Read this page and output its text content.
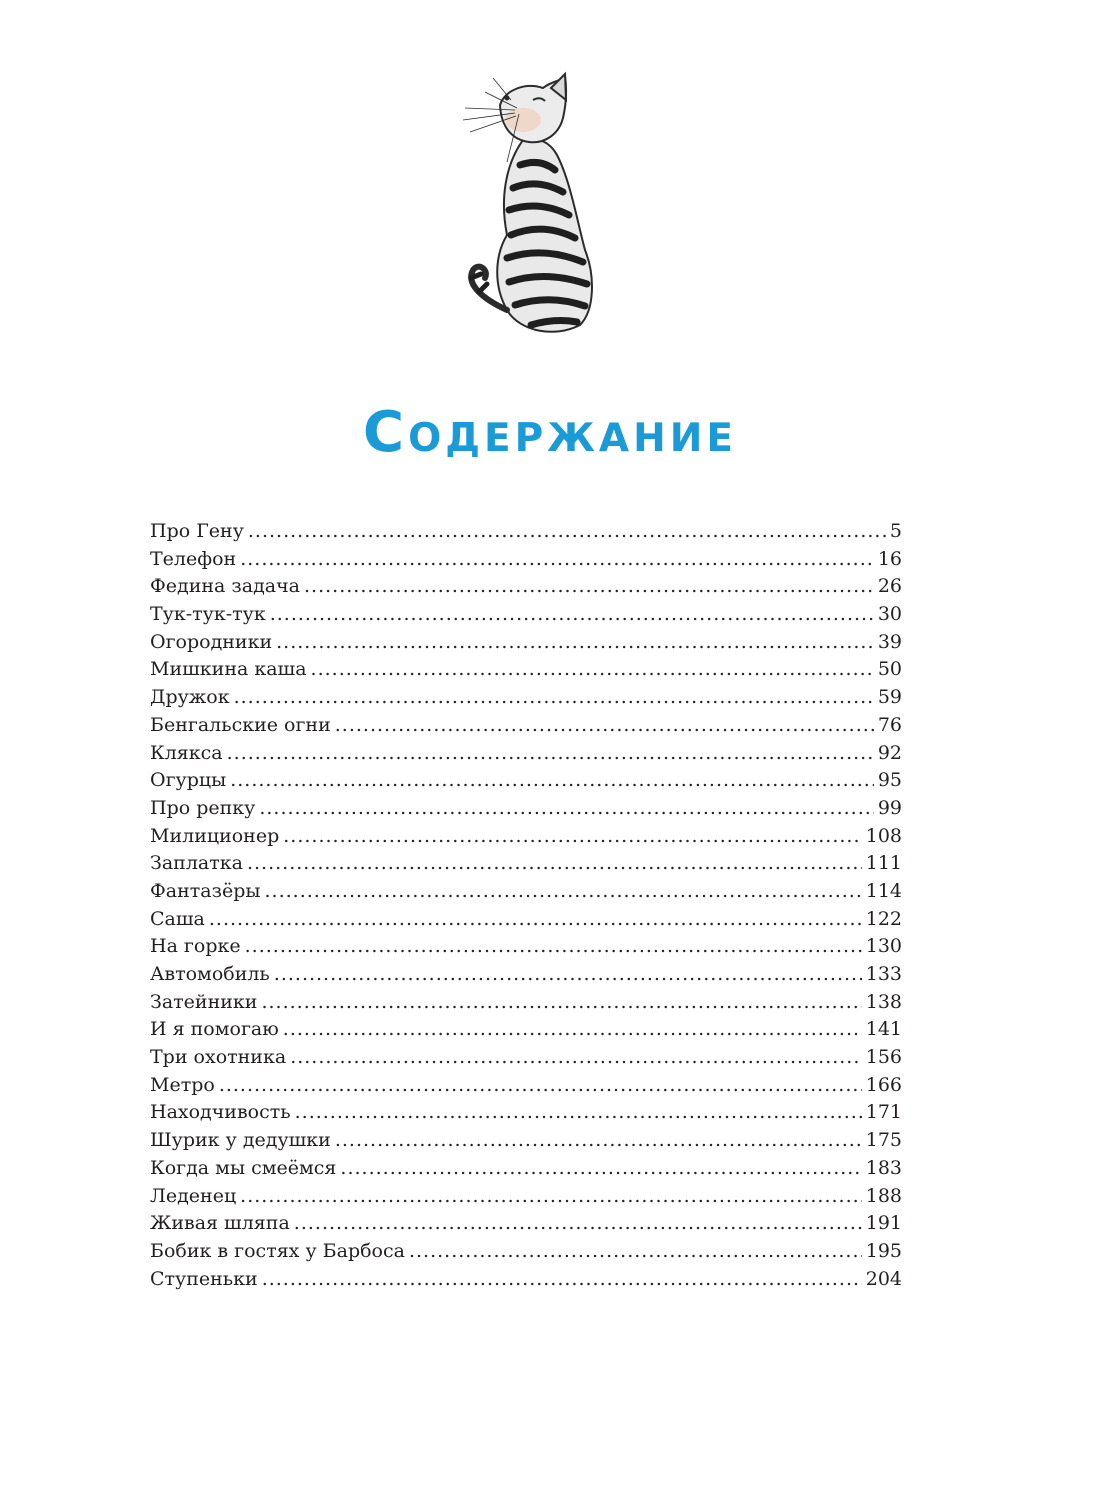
Содержание
Про Гену .....	5
Телефон .....	16
Федина задача .....	26
Тук-тук-тук .....	30
Огородники .....	39
Мишкина каша .....	50
Дружок .....	59
Бенгальские огни .....	76
Клякса .....	92
Огурцы .....	95
Про репку .....	99
Милиционер .....	108
Заплатка .....	111
Фантазёры .....	114
Саша .....	122
На горке .....	130
Автомобиль .....	133
Затейники .....	138
И я помогаю .....	141
Три охотника .....	156
Метро .....	166
Находчивость .....	171
Шурик у дедушки .....	175
Когда мы смеёмся .....	183
Леденец .....	188
Живая шляпа .....	191
Бобик в гостях у Барбоса .....	195
Ступеньки .....	204
